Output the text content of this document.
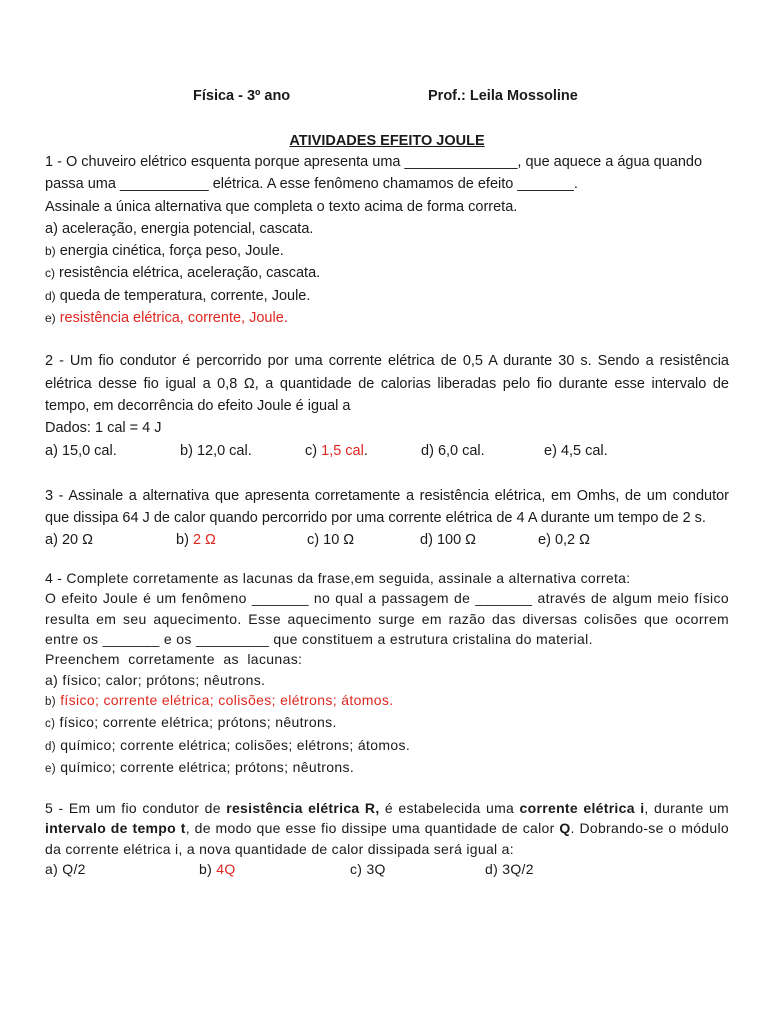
Física - 3º ano	Prof.: Leila Mossoline
ATIVIDADES EFEITO JOULE

1 - O chuveiro elétrico esquenta porque apresenta uma ______________, que aquece a água quando

passa uma ___________ elétrica. A esse fenômeno chamamos de efeito _______.

Assinale a única alternativa que completa o texto acima de forma correta.

a) aceleração, energia potencial, cascata.

b) energia cinética, força peso, Joule.

c) resistência elétrica, aceleração, cascata.

d) queda de temperatura, corrente, Joule.

e) resistência elétrica, corrente, Joule.

2 - Um fio condutor é percorrido por uma corrente elétrica de 0,5 A durante 30 s. Sendo a resistência elétrica desse fio igual a 0,8 Ω, a quantidade de calorias liberadas pelo fio durante esse intervalo de tempo, em decorrência do efeito Joule é igual a

Dados: 1 cal = 4 J

a) 15,0 cal.	b) 12,0 cal.	c) 1,5 cal.	d) 6,0 cal.	e) 4,5 cal.

3 - Assinale a alternativa que apresenta corretamente a resistência elétrica, em Omhs, de um condutor que dissipa 64 J de calor quando percorrido por uma corrente elétrica de 4 A durante um tempo de 2 s.

a) 20 Ω	b) 2 Ω	c) 10 Ω	d) 100 Ω	e) 0,2 Ω

4 - Complete corretamente as lacunas da frase,em seguida, assinale a alternativa correta:

O efeito Joule é um fenômeno _______ no qual a passagem de _______ através de algum meio físico resulta em seu aquecimento. Esse aquecimento surge em razão das diversas colisões que ocorrem entre os _______ e os _________ que constituem a estrutura cristalina do material.

Preenchem  corretamente  as  lacunas:

a) físico; calor; prótons; nêutrons.

b) físico; corrente elétrica; colisões; elétrons; átomos.

c) físico; corrente elétrica; prótons; nêutrons.

d) químico; corrente elétrica; colisões; elétrons; átomos.

e) químico; corrente elétrica; prótons; nêutrons.

5 - Em um fio condutor de resistência elétrica R, é estabelecida uma corrente elétrica i, durante um intervalo de tempo t, de modo que esse fio dissipe uma quantidade de calor Q. Dobrando-se o módulo da corrente elétrica i, a nova quantidade de calor dissipada será igual a:

a) Q/2	b) 4Q	c) 3Q	d) 3Q/2
